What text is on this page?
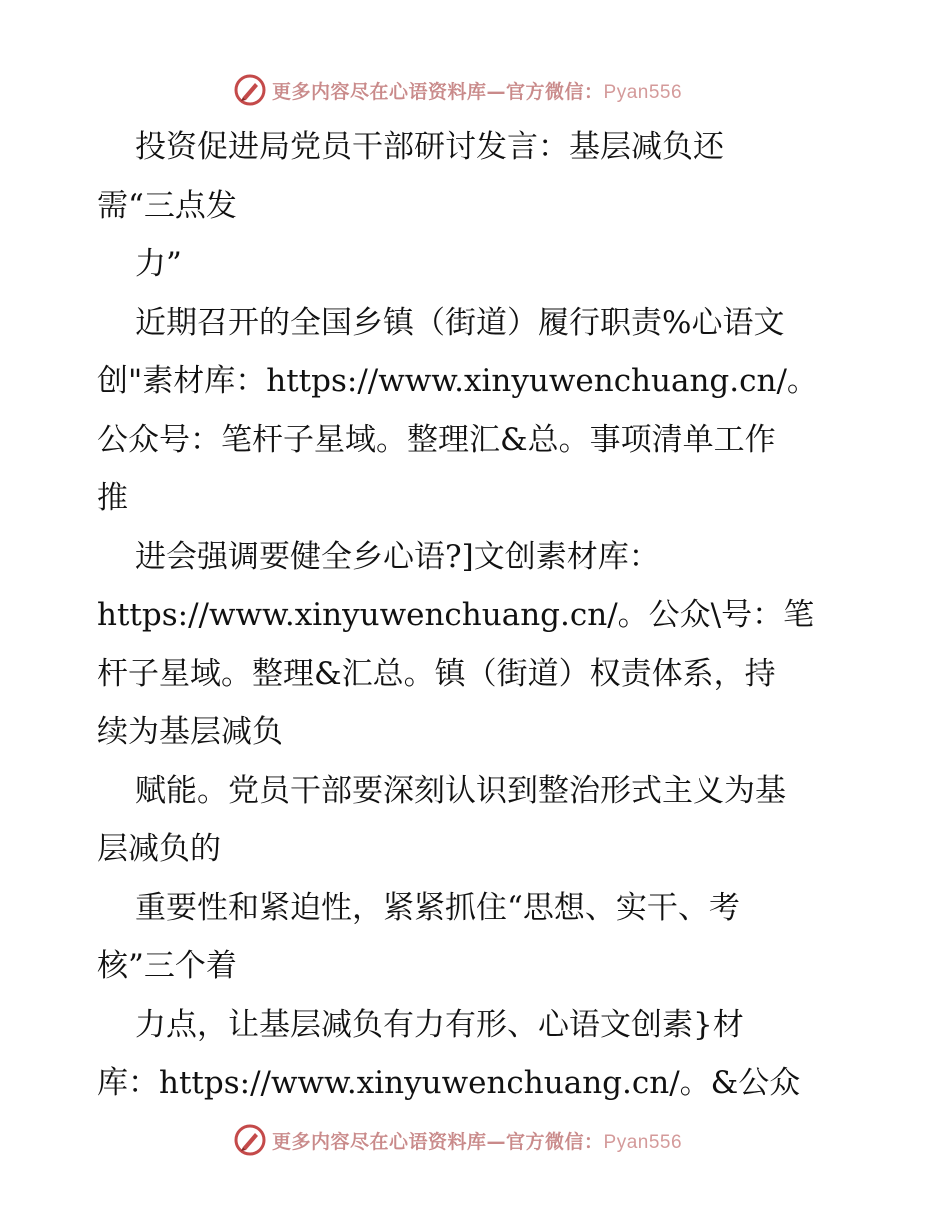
更多内容尽在心语资料库—官方微信：Pyan556
投资促进局党员干部研讨发言：基层减负还
需“三点发
力”
近期召开的全国乡镇（街道）履行职责%心语文
创"素材库：https://www.xinyuwenchuang.cn/。
公众号：笔杆子星域。整理汇&总。事项清单工作
推
进会强调要健全乡心语?]文创素材库：
https://www.xinyuwenchuang.cn/。公众\号：笔
杆子星域。整理&汇总。镇（街道）权责体系，持
续为基层减负
赋能。党员干部要深刻认识到整治形式主义为基
层减负的
重要性和紧迫性，紧紧抓住“思想、实干、考
核”三个着
力点，让基层减负有力有形、心语文创素}材
库：https://www.xinyuwenchuang.cn/。&公众
更多内容尽在心语资料库—官方微信：Pyan556
